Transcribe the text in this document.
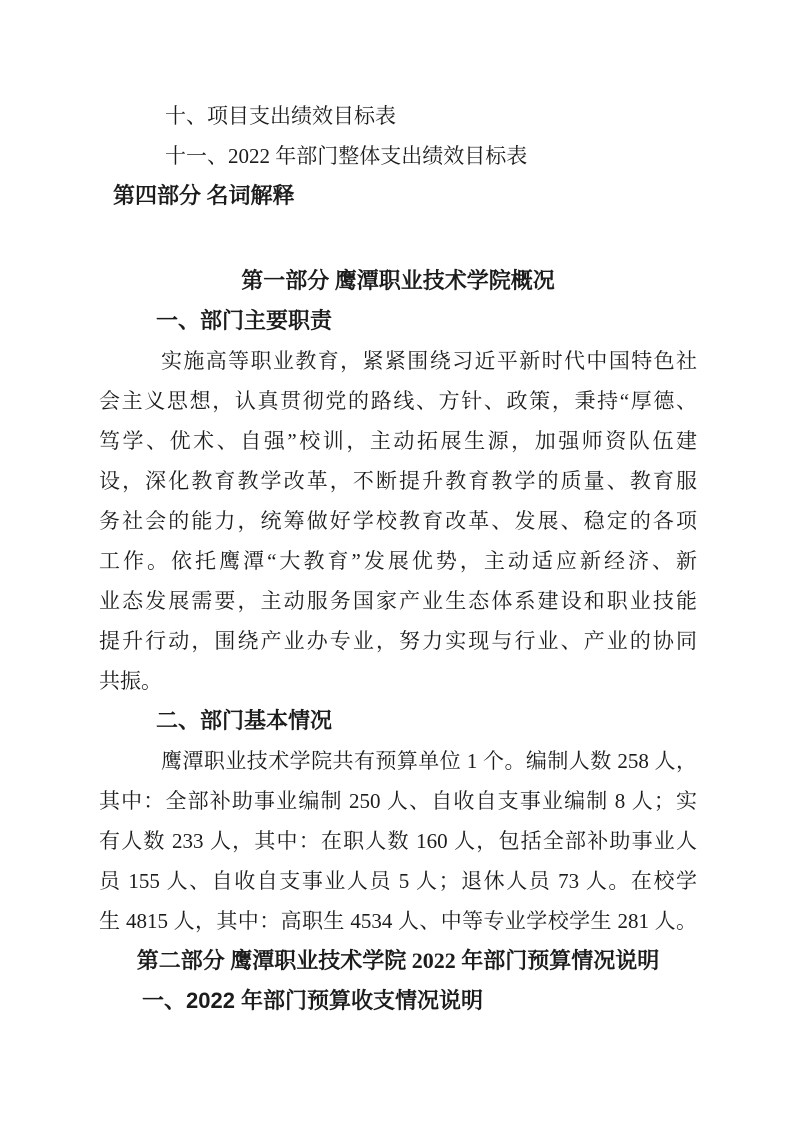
十、项目支出绩效目标表
十一、2022 年部门整体支出绩效目标表
第四部分 名词解释
第一部分 鹰潭职业技术学院概况
一、部门主要职责
实施高等职业教育，紧紧围绕习近平新时代中国特色社
会主义思想，认真贯彻党的路线、方针、政策，秉持“厚德、
笃学、优术、自强”校训，主动拓展生源，加强师资队伍建
设，深化教育教学改革，不断提升教育教学的质量、教育服
务社会的能力，统筹做好学校教育改革、发展、稳定的各项
工作。依托鹰潭“大教育”发展优势，主动适应新经济、新
业态发展需要，主动服务国家产业生态体系建设和职业技能
提升行动，围绕产业办专业，努力实现与行业、产业的协同
共振。
二、部门基本情况
鹰潭职业技术学院共有预算单位 1 个。编制人数 258 人，
其中：全部补助事业编制 250 人、自收自支事业编制 8 人；实
有人数 233 人，其中：在职人数 160 人，包括全部补助事业人
员 155 人、自收自支事业人员 5 人；退休人员 73 人。在校学
生 4815 人，其中：高职生 4534 人、中等专业学校学生 281 人。
第二部分 鹰潭职业技术学院 2022 年部门预算情况说明
一、2022 年部门预算收支情况说明
